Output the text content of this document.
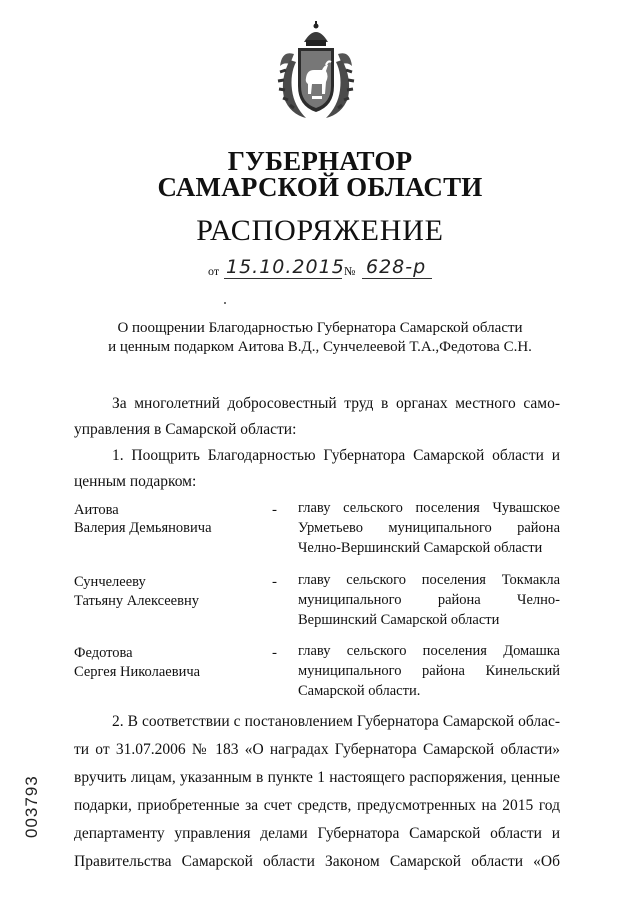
ГУБЕРНАТОР
САМАРСКОЙ ОБЛАСТИ
РАСПОРЯЖЕНИЕ
от 15.10.2015 № 628-р
О поощрении Благодарностью Губернатора Самарской области
и ценным подарком Аитова В.Д., Сунчелеевой Т.А.,Федотова С.Н.
За многолетний добросовестный труд в органах местного само-
управления в Самарской области:
1. Поощрить Благодарностью Губернатора Самарской области и
ценным подарком:
Аитова
Валерия Демьяновича
- главу сельского поселения Чувашское
Урметьево муниципального района
Челно-Вершинский Самарской области
Сунчелееву
Татьяну Алексеевну
- главу сельского поселения Токмакла
муниципального района Челно-
Вершинский Самарской области
Федотова
Сергея Николаевича
- главу сельского поселения Домашка
муниципального района Кинельский
Самарской области.
2. В соответствии с постановлением Губернатора Самарской облас-
ти от 31.07.2006 № 183 «О наградах Губернатора Самарской области»
вручить лицам, указанным в пункте 1 настоящего распоряжения, ценные
подарки, приобретенные за счет средств, предусмотренных на 2015 год
департаменту управления делами Губернатора Самарской области и
Правительства Самарской области Законом Самарской области «Об
003793
